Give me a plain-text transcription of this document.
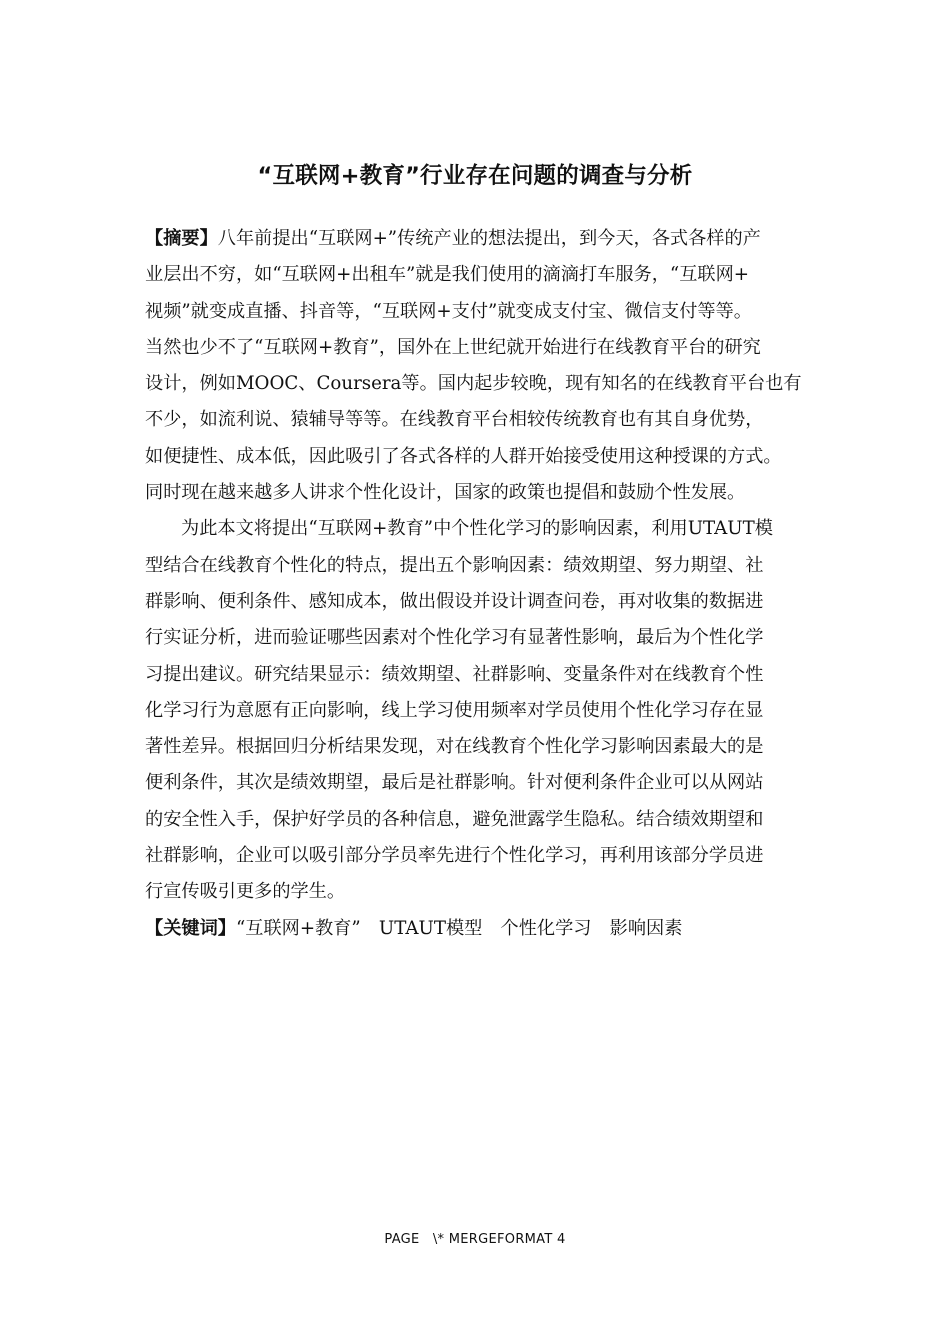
“互联网+教育”行业存在问题的调查与分析
【摘要】八年前提出“互联网+”传统产业的想法提出，到今天，各式各样的产
业层出不穷，如“互联网+出租车”就是我们使用的滴滴打车服务，“互联网+
视频”就变成直播、抖音等，“互联网+支付”就变成支付宝、微信支付等等。
当然也少不了“互联网+教育”，国外在上世纪就开始进行在线教育平台的研究
设计，例如MOOC、Coursera等。国内起步较晚，现有知名的在线教育平台也有
不少，如流利说、猿辅导等等。在线教育平台相较传统教育也有其自身优势，
如便捷性、成本低，因此吸引了各式各样的人群开始接受使用这种授课的方式。
同时现在越来越多人讲求个性化设计，国家的政策也提倡和鼓励个性发展。
为此本文将提出“互联网+教育”中个性化学习的影响因素，利用UTAUT模
型结合在线教育个性化的特点，提出五个影响因素：绩效期望、努力期望、社
群影响、便利条件、感知成本，做出假设并设计调查问卷，再对收集的数据进
行实证分析，进而验证哪些因素对个性化学习有显著性影响，最后为个性化学
习提出建议。研究结果显示：绩效期望、社群影响、变量条件对在线教育个性
化学习行为意愿有正向影响，线上学习使用频率对学员使用个性化学习存在显
著性差异。根据回归分析结果发现，对在线教育个性化学习影响因素最大的是
便利条件，其次是绩效期望，最后是社群影响。针对便利条件企业可以从网站
的安全性入手，保护好学员的各种信息，避免泄露学生隐私。结合绩效期望和
社群影响，企业可以吸引部分学员率先进行个性化学习，再利用该部分学员进
行宣传吸引更多的学生。
【关键词】“互联网+教育”　UTAUT模型　个性化学习　影响因素
PAGE   \* MERGEFORMAT 4
